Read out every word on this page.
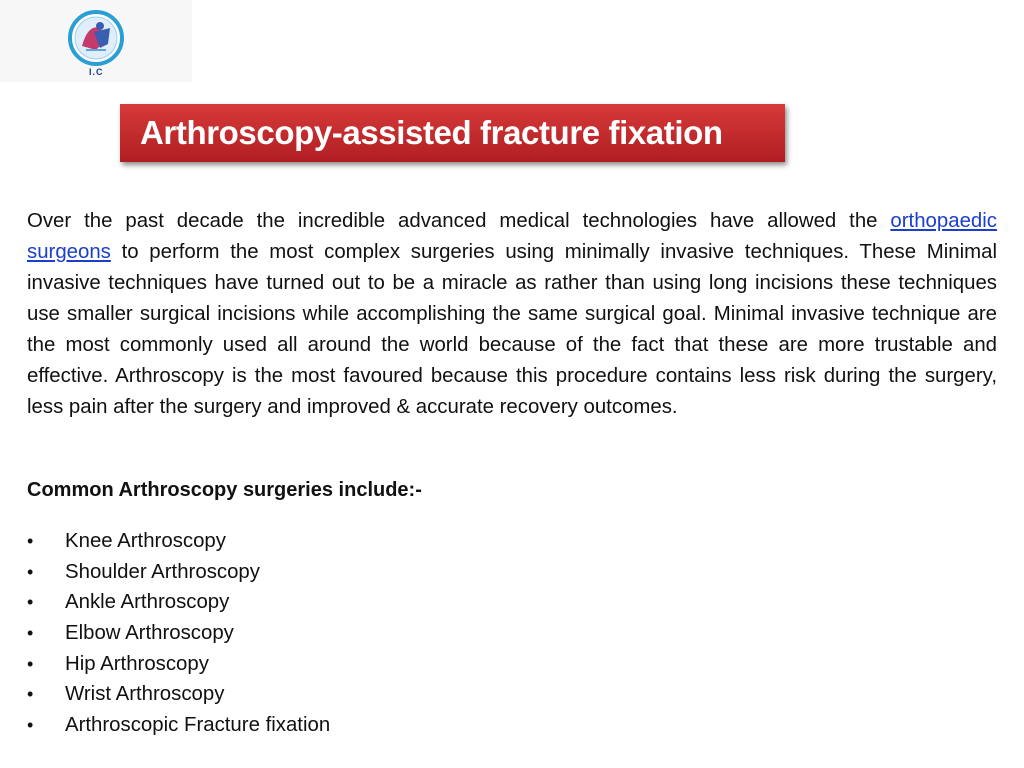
I.C
Arthroscopy-assisted fracture fixation
Over the past decade the incredible advanced medical technologies have allowed the orthopaedic surgeons to perform the most complex surgeries using minimally invasive techniques. These Minimal invasive techniques have turned out to be a miracle as rather than using long incisions these techniques use smaller surgical incisions while accomplishing the same surgical goal. Minimal invasive technique are the most commonly used all around the world because of the fact that these are more trustable and effective. Arthroscopy is the most favoured because this procedure contains less risk during the surgery, less pain after the surgery and improved & accurate recovery outcomes.
Common Arthroscopy surgeries include:-
•	Knee Arthroscopy
•	Shoulder Arthroscopy
•	Ankle Arthroscopy
•	Elbow Arthroscopy
•	Hip Arthroscopy
•	Wrist Arthroscopy
•	Arthroscopic Fracture fixation
